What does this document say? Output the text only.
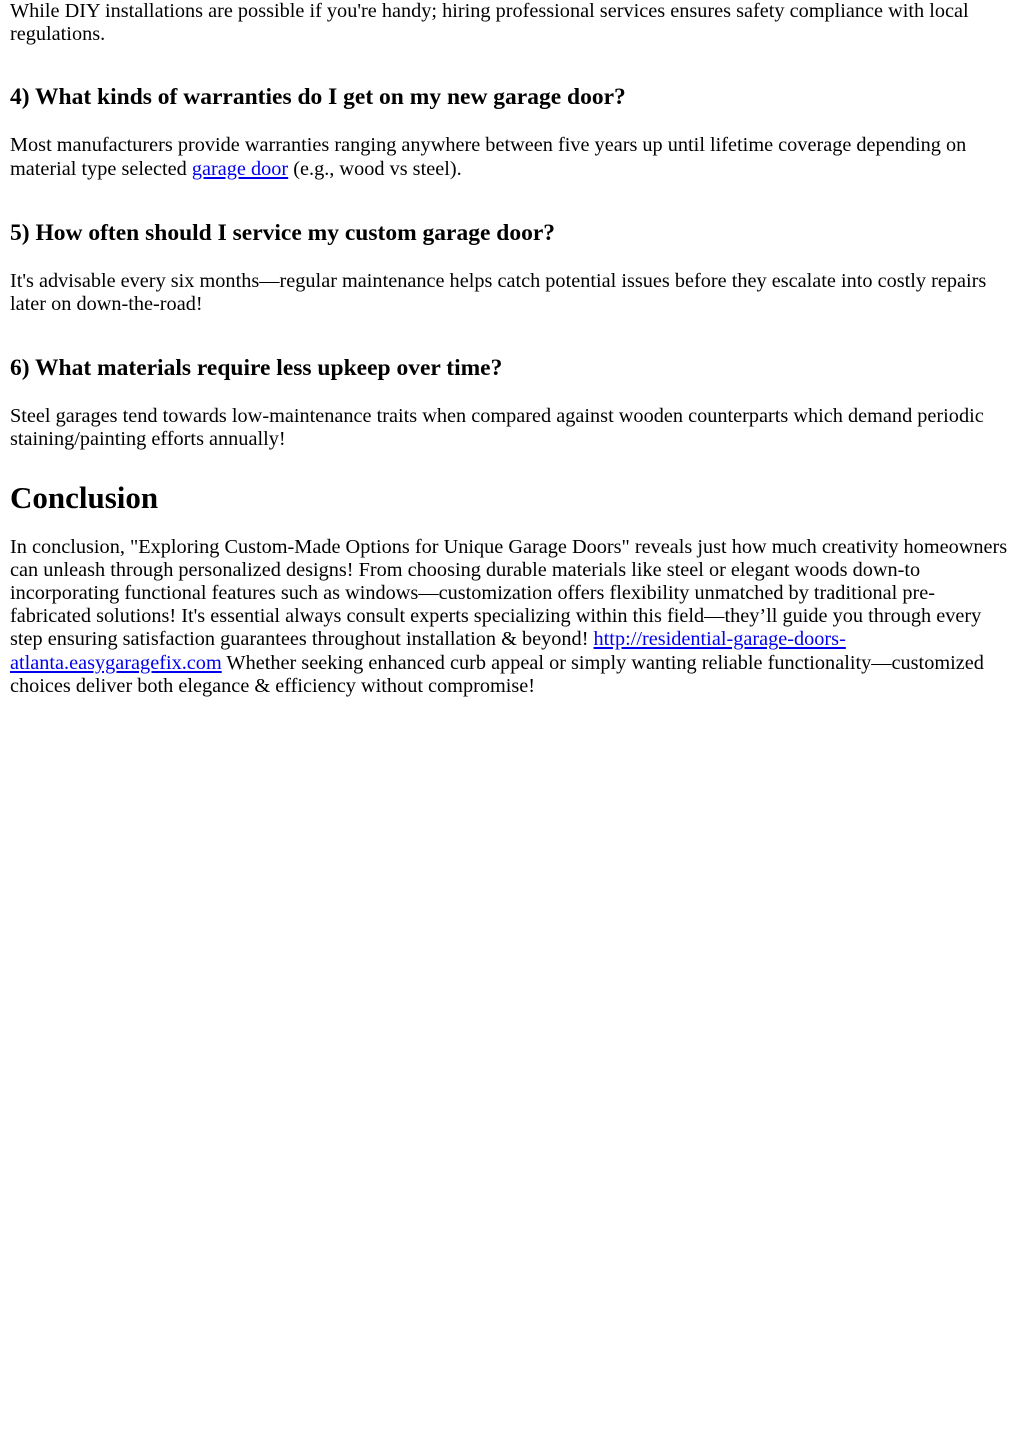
While DIY installations are possible if you're handy; hiring professional services ensures safety compliance with local regulations.

4) What kinds of warranties do I get on my new garage door?

Most manufacturers provide warranties ranging anywhere between five years up until lifetime coverage depending on material type selected garage door (e.g., wood vs steel).

5) How often should I service my custom garage door?

It's advisable every six months—regular maintenance helps catch potential issues before they escalate into costly repairs later on down-the-road!

6) What materials require less upkeep over time?

Steel garages tend towards low-maintenance traits when compared against wooden counterparts which demand periodic staining/painting efforts annually!

Conclusion

In conclusion, "Exploring Custom-Made Options for Unique Garage Doors" reveals just how much creativity homeowners can unleash through personalized designs! From choosing durable materials like steel or elegant woods down-to incorporating functional features such as windows—customization offers flexibility unmatched by traditional pre-fabricated solutions! It's essential always consult experts specializing within this field—they’ll guide you through every step ensuring satisfaction guarantees throughout installation & beyond! http://residential-garage-doors-atlanta.easygaragefix.com Whether seeking enhanced curb appeal or simply wanting reliable functionality—customized choices deliver both elegance & efficiency without compromise!
